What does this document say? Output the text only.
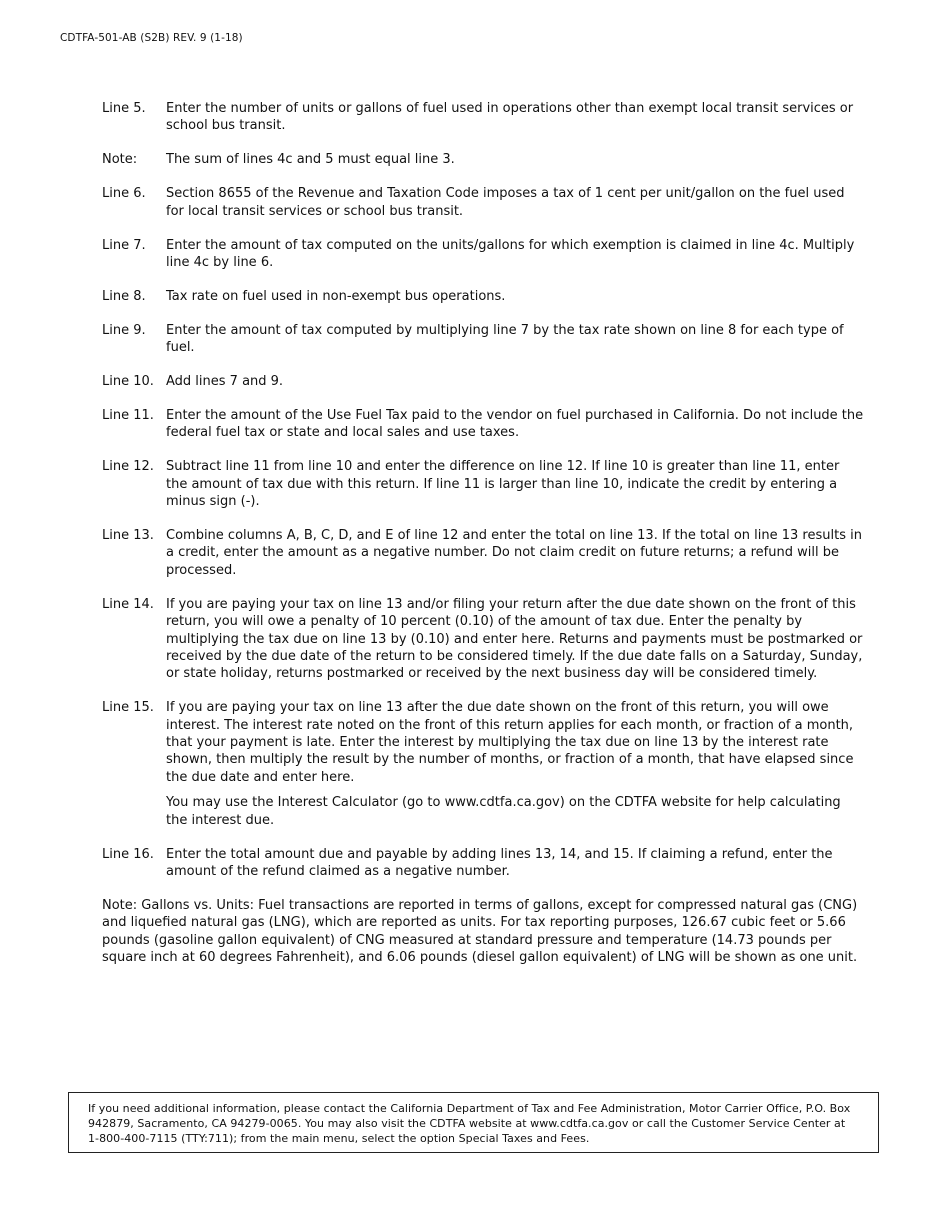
CDTFA-501-AB (S2B) REV. 9 (1-18)
Line 5.	Enter the number of units or gallons of fuel used in operations other than exempt local transit services or school bus transit.

Note:	The sum of lines 4c and 5 must equal line 3.

Line 6.	Section 8655 of the Revenue and Taxation Code imposes a tax of 1 cent per unit/gallon on the fuel used for local transit services or school bus transit.

Line 7.	Enter the amount of tax computed on the units/gallons for which exemption is claimed in line 4c. Multiply line 4c by line 6.

Line 8.	Tax rate on fuel used in non-exempt bus operations.

Line 9.	Enter the amount of tax computed by multiplying line 7 by the tax rate shown on line 8 for each type of fuel.

Line 10. Add lines 7 and 9.

Line 11. Enter the amount of the Use Fuel Tax paid to the vendor on fuel purchased in California. Do not include the federal fuel tax or state and local sales and use taxes.

Line 12. Subtract line 11 from line 10 and enter the difference on line 12. If line 10 is greater than line 11, enter the amount of tax due with this return. If line 11 is larger than line 10, indicate the credit by entering a minus sign (-).

Line 13. Combine columns A, B, C, D, and E of line 12 and enter the total on line 13. If the total on line 13 results in a credit, enter the amount as a negative number. Do not claim credit on future returns; a refund will be processed.

Line 14. If you are paying your tax on line 13 and/or filing your return after the due date shown on the front of this return, you will owe a penalty of 10 percent (0.10) of the amount of tax due. Enter the penalty by multiplying the tax due on line 13 by (0.10) and enter here. Returns and payments must be postmarked or received by the due date of the return to be considered timely. If the due date falls on a Saturday, Sunday, or state holiday, returns postmarked or received by the next business day will be considered timely.

Line 15. If you are paying your tax on line 13 after the due date shown on the front of this return, you will owe interest. The interest rate noted on the front of this return applies for each month, or fraction of a month, that your payment is late. Enter the interest by multiplying the tax due on line 13 by the interest rate shown, then multiply the result by the number of months, or fraction of a month, that have elapsed since the due date and enter here.

You may use the Interest Calculator (go to www.cdtfa.ca.gov) on the CDTFA website for help calculating the interest due.

Line 16. Enter the total amount due and payable by adding lines 13, 14, and 15. If claiming a refund, enter the amount of the refund claimed as a negative number.

Note: Gallons vs. Units: Fuel transactions are reported in terms of gallons, except for compressed natural gas (CNG) and liquefied natural gas (LNG), which are reported as units. For tax reporting purposes, 126.67 cubic feet or 5.66 pounds (gasoline gallon equivalent) of CNG measured at standard pressure and temperature (14.73 pounds per square inch at 60 degrees Fahrenheit), and 6.06 pounds (diesel gallon equivalent) of LNG will be shown as one unit.

If you need additional information, please contact the California Department of Tax and Fee Administration, Motor Carrier Office, P.O. Box 942879, Sacramento, CA 94279-0065. You may also visit the CDTFA website at www.cdtfa.ca.gov or call the Customer Service Center at 1-800-400-7115 (TTY:711); from the main menu, select the option Special Taxes and Fees.
